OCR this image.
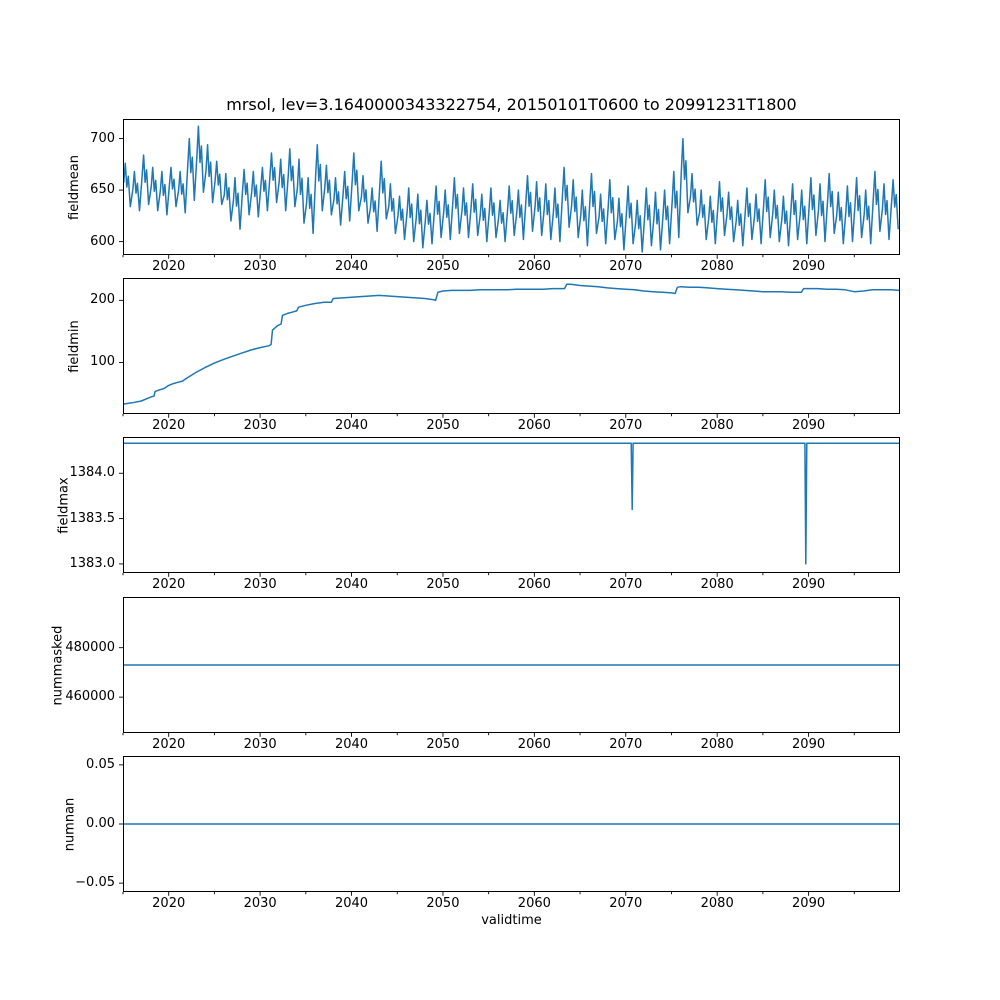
mrsol, lev=3.1640000343322754, 20150101T0600 to 20991231T1800
fieldmean
fieldmin
fieldmax
nummasked
numnan
validtime
2020	2030	2040	2050	2060	2070	2080	2090
600
650
700
2020	2030	2040	2050	2060	2070	2080	2090
100
200
2020	2030	2040	2050	2060	2070	2080	2090
1383.0
1383.5
1384.0
2020	2030	2040	2050	2060	2070	2080	2090
460000
480000
2020	2030	2040	2050	2060	2070	2080	2090
−0.05
0.00
0.05
